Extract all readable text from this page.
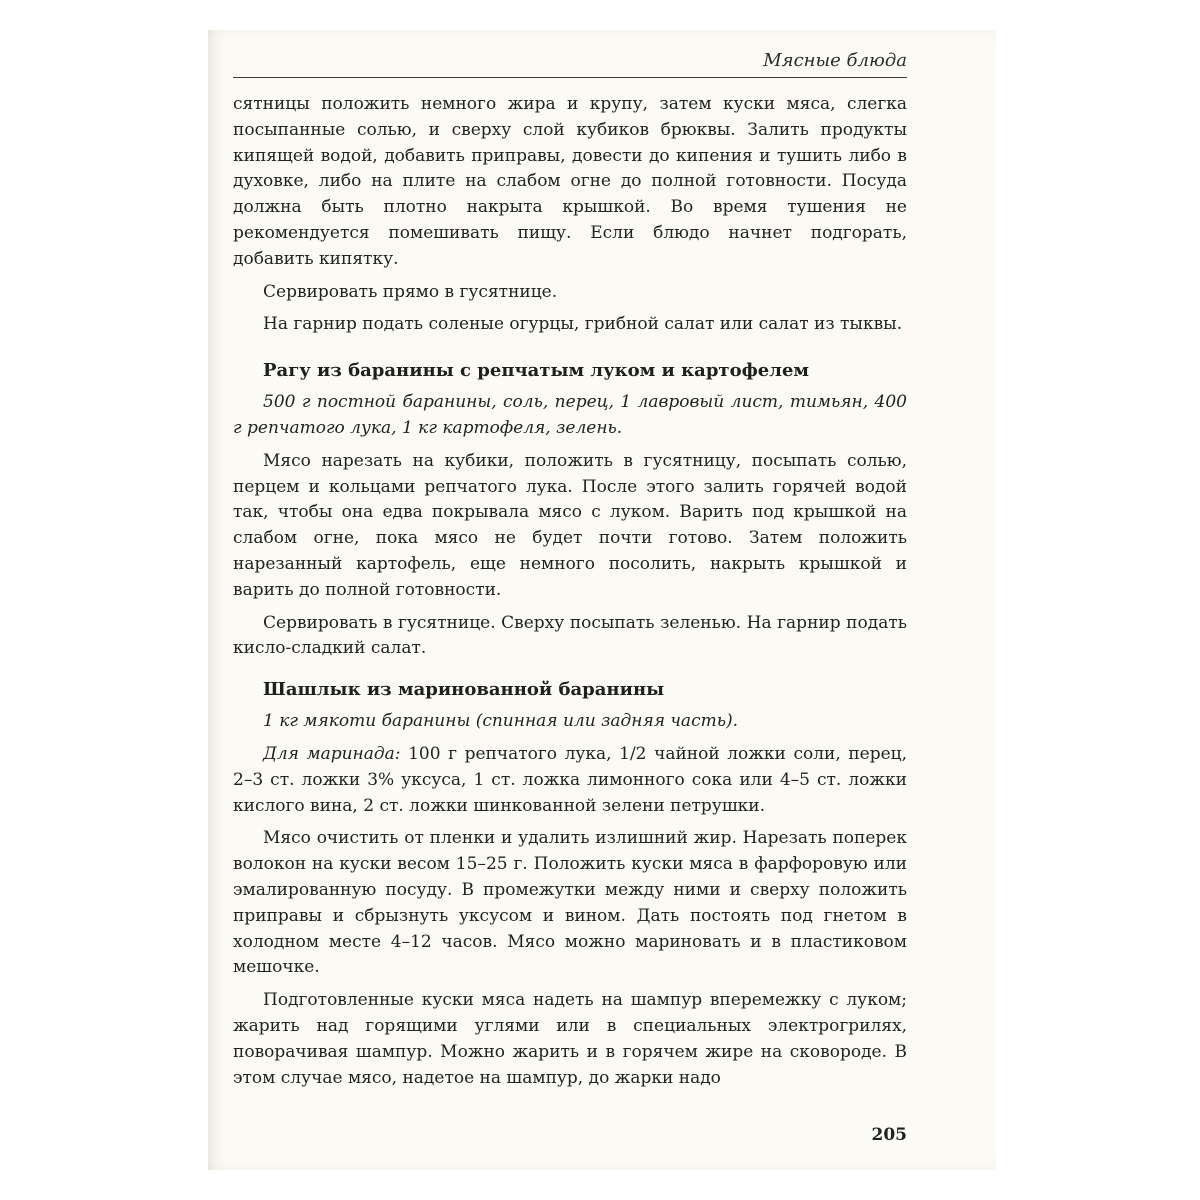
Мясные блюда

сятницы положить немного жира и крупу, затем куски мяса, слегка посыпанные солью, и сверху слой кубиков брюквы. Залить продукты кипящей водой, добавить приправы, довести до кипения и тушить либо в духовке, либо на плите на слабом огне до полной готовности. Посуда должна быть плотно накрыта крышкой. Во время тушения не рекомендуется помешивать пищу. Если блюдо начнет подгорать, добавить кипятку.

Сервировать прямо в гусятнице.

На гарнир подать соленые огурцы, грибной салат или салат из тыквы.

Рагу из баранины с репчатым луком и картофелем

500 г постной баранины, соль, перец, 1 лавровый лист, тимьян, 400 г репчатого лука, 1 кг картофеля, зелень.

Мясо нарезать на кубики, положить в гусятницу, посыпать солью, перцем и кольцами репчатого лука. После этого залить горячей водой так, чтобы она едва покрывала мясо с луком. Варить под крышкой на слабом огне, пока мясо не будет почти готово. Затем положить нарезанный картофель, еще немного посолить, накрыть крышкой и варить до полной готовности.

Сервировать в гусятнице. Сверху посыпать зеленью. На гарнир подать кисло-сладкий салат.

Шашлык из маринованной баранины

1 кг мякоти баранины (спинная или задняя часть).

Для маринада: 100 г репчатого лука, 1/2 чайной ложки соли, перец, 2–3 ст. ложки 3% уксуса, 1 ст. ложка лимонного сока или 4–5 ст. ложки кислого вина, 2 ст. ложки шинкованной зелени петрушки.

Мясо очистить от пленки и удалить излишний жир. Нарезать поперек волокон на куски весом 15–25 г. Положить куски мяса в фарфоровую или эмалированную посуду. В промежутки между ними и сверху положить приправы и сбрызнуть уксусом и вином. Дать постоять под гнетом в холодном месте 4–12 часов. Мясо можно мариновать и в пластиковом мешочке.

Подготовленные куски мяса надеть на шампур вперемежку с луком; жарить над горящими углями или в специальных электрогрилях, поворачивая шампур. Можно жарить и в горячем жире на сковороде. В этом случае мясо, надетое на шампур, до жарки надо

205
